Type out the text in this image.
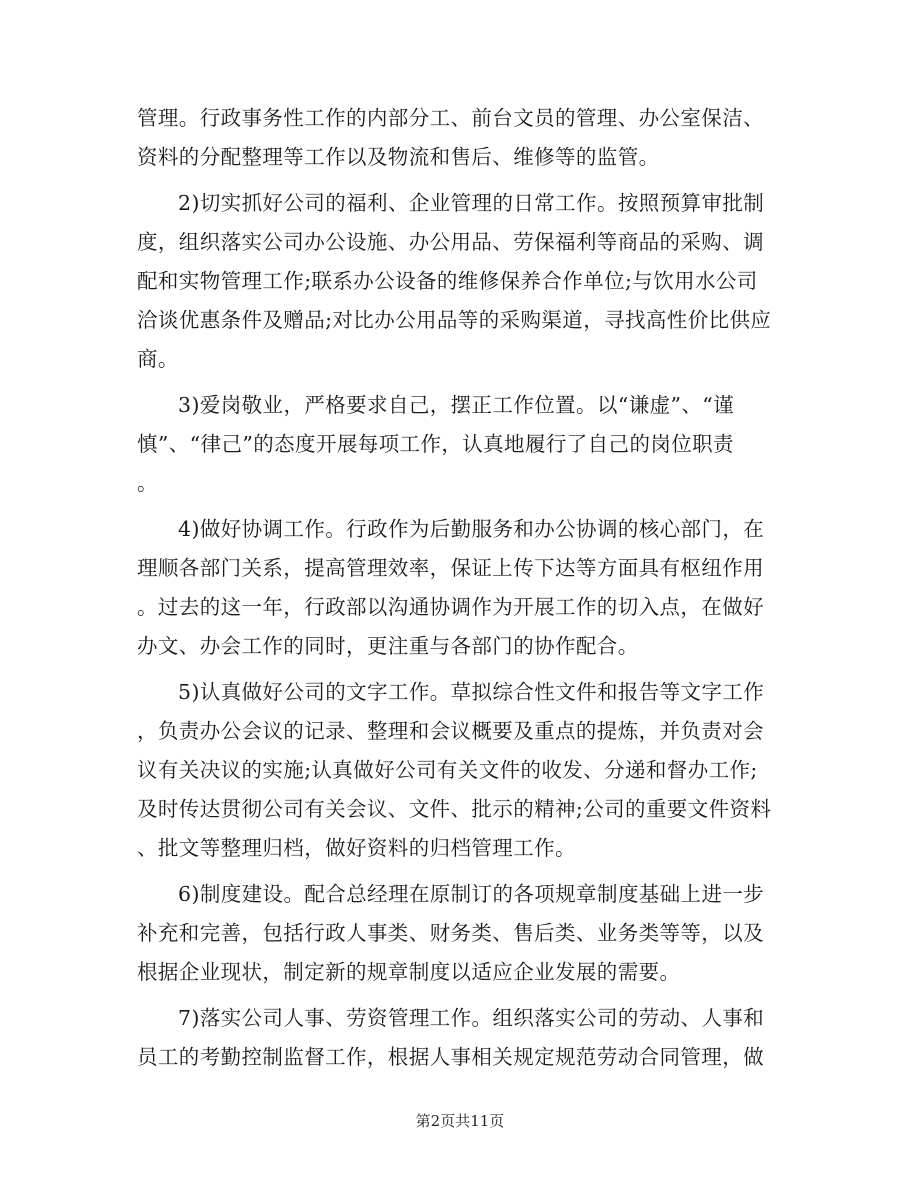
管理。行政事务性工作的内部分工、前台文员的管理、办公室保洁、
资料的分配整理等工作以及物流和售后、维修等的监管。
2)切实抓好公司的福利、企业管理的日常工作。按照预算审批制
度，组织落实公司办公设施、办公用品、劳保福利等商品的采购、调
配和实物管理工作;联系办公设备的维修保养合作单位;与饮用水公司
洽谈优惠条件及赠品;对比办公用品等的采购渠道，寻找高性价比供应
商。
3)爱岗敬业，严格要求自己，摆正工作位置。以“谦虚”、“谨
慎”、“律己”的态度开展每项工作，认真地履行了自己的岗位职责
。
4)做好协调工作。行政作为后勤服务和办公协调的核心部门，在
理顺各部门关系，提高管理效率，保证上传下达等方面具有枢纽作用
。过去的这一年，行政部以沟通协调作为开展工作的切入点，在做好
办文、办会工作的同时，更注重与各部门的协作配合。
5)认真做好公司的文字工作。草拟综合性文件和报告等文字工作
，负责办公会议的记录、整理和会议概要及重点的提炼，并负责对会
议有关决议的实施;认真做好公司有关文件的收发、分递和督办工作;
及时传达贯彻公司有关会议、文件、批示的精神;公司的重要文件资料
、批文等整理归档，做好资料的归档管理工作。
6)制度建设。配合总经理在原制订的各项规章制度基础上进一步
补充和完善，包括行政人事类、财务类、售后类、业务类等等，以及
根据企业现状，制定新的规章制度以适应企业发展的需要。
7)落实公司人事、劳资管理工作。组织落实公司的劳动、人事和
员工的考勤控制监督工作，根据人事相关规定规范劳动合同管理，做
第2页共11页
